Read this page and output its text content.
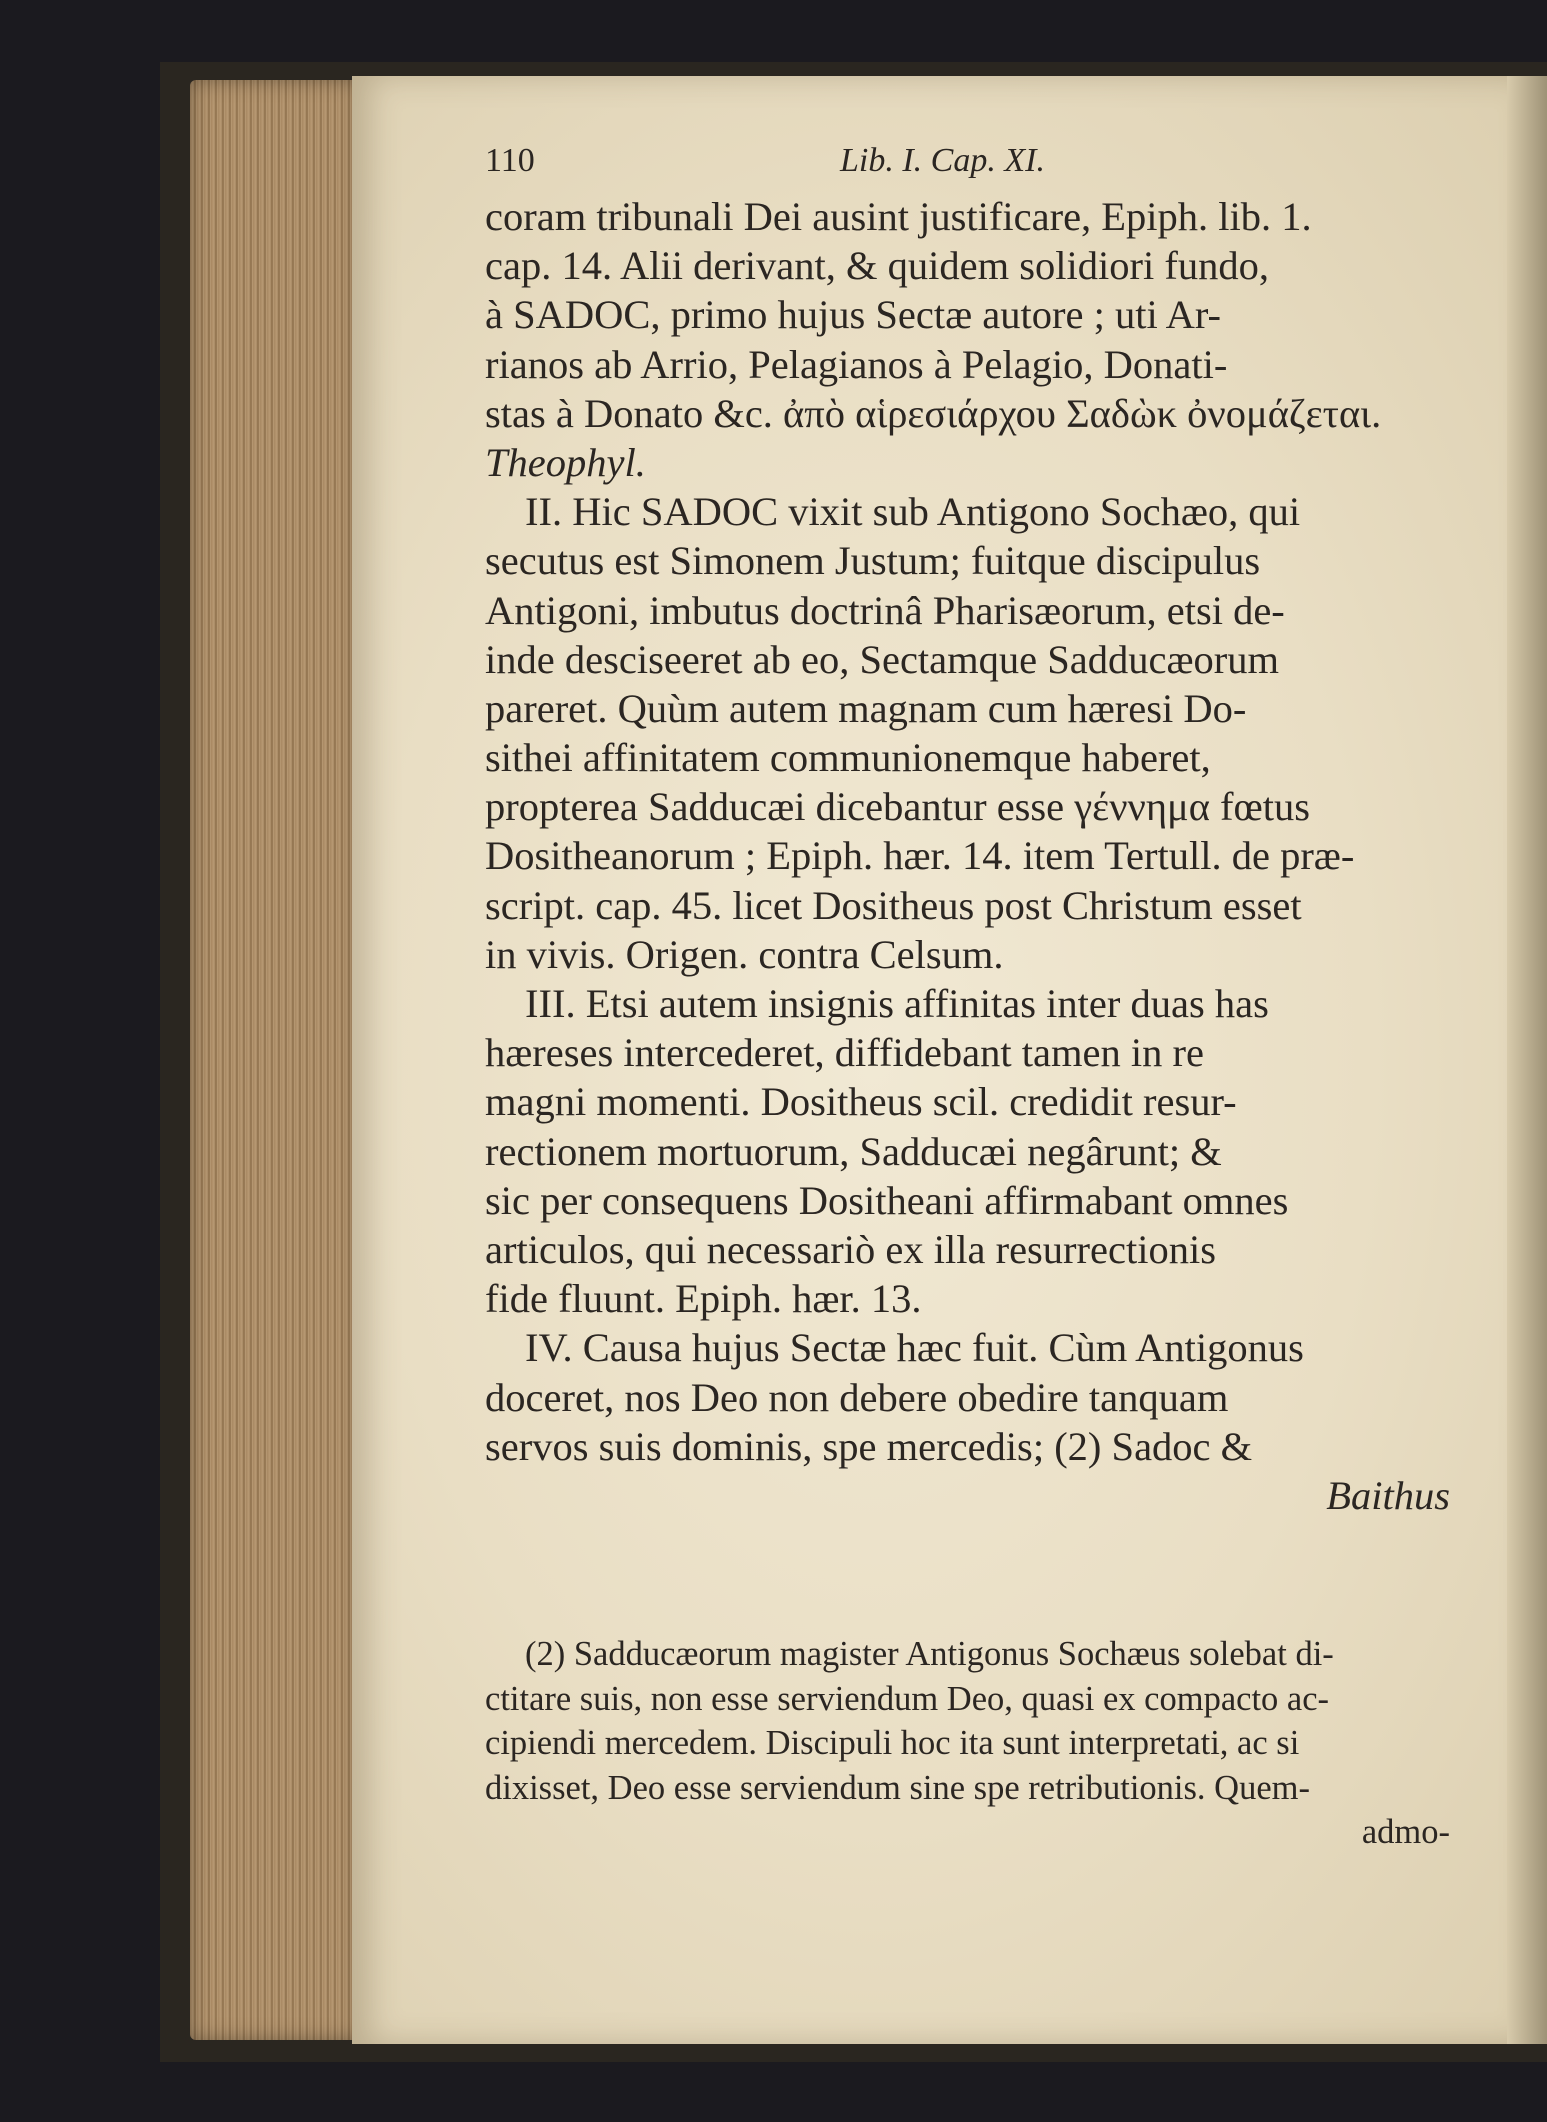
110	Lib. I. Cap. XI.
coram tribunali Dei ausint justificare, Epiph. lib. 1.
cap. 14. Alii derivant, & quidem solidiori fundo,
à SADOC, primo hujus Sectæ autore ; uti Ar-
rianos ab Arrio, Pelagianos à Pelagio, Donati-
stas à Donato &c. ἀπὸ αἱρεσιάρχου Σαδὼκ ὀνομάζεται.
Theophyl.
II. Hic SADOC vixit sub Antigono Sochæo, qui
secutus est Simonem Justum; fuitque discipulus
Antigoni, imbutus doctrinâ Pharisæorum, etsi de-
inde desciseeret ab eo, Sectamque Sadducæorum
pareret. Quùm autem magnam cum hæresi Do-
sithei affinitatem communionemque haberet,
propterea Sadducæi dicebantur esse γέννημα fœtus
Dositheanorum ; Epiph. hær. 14. item Tertull. de præ-
script. cap. 45. licet Dositheus post Christum esset
in vivis. Origen. contra Celsum.
III. Etsi autem insignis affinitas inter duas has
hæreses intercederet, diffidebant tamen in re
magni momenti. Dositheus scil. credidit resur-
rectionem mortuorum, Sadducæi negârunt; &
sic per consequens Dositheani affirmabant omnes
articulos, qui necessariò ex illa resurrectionis
fide fluunt. Epiph. hær. 13.
IV. Causa hujus Sectæ hæc fuit. Cùm Antigonus
doceret, nos Deo non debere obedire tanquam
servos suis dominis, spe mercedis; (2) Sadoc &
Baithus
(2) Sadducæorum magister Antigonus Sochæus solebat di-
ctitare suis, non esse serviendum Deo, quasi ex compacto ac-
cipiendi mercedem. Discipuli hoc ita sunt interpretati, ac si
dixisset, Deo esse serviendum sine spe retributionis. Quem-
admo-
